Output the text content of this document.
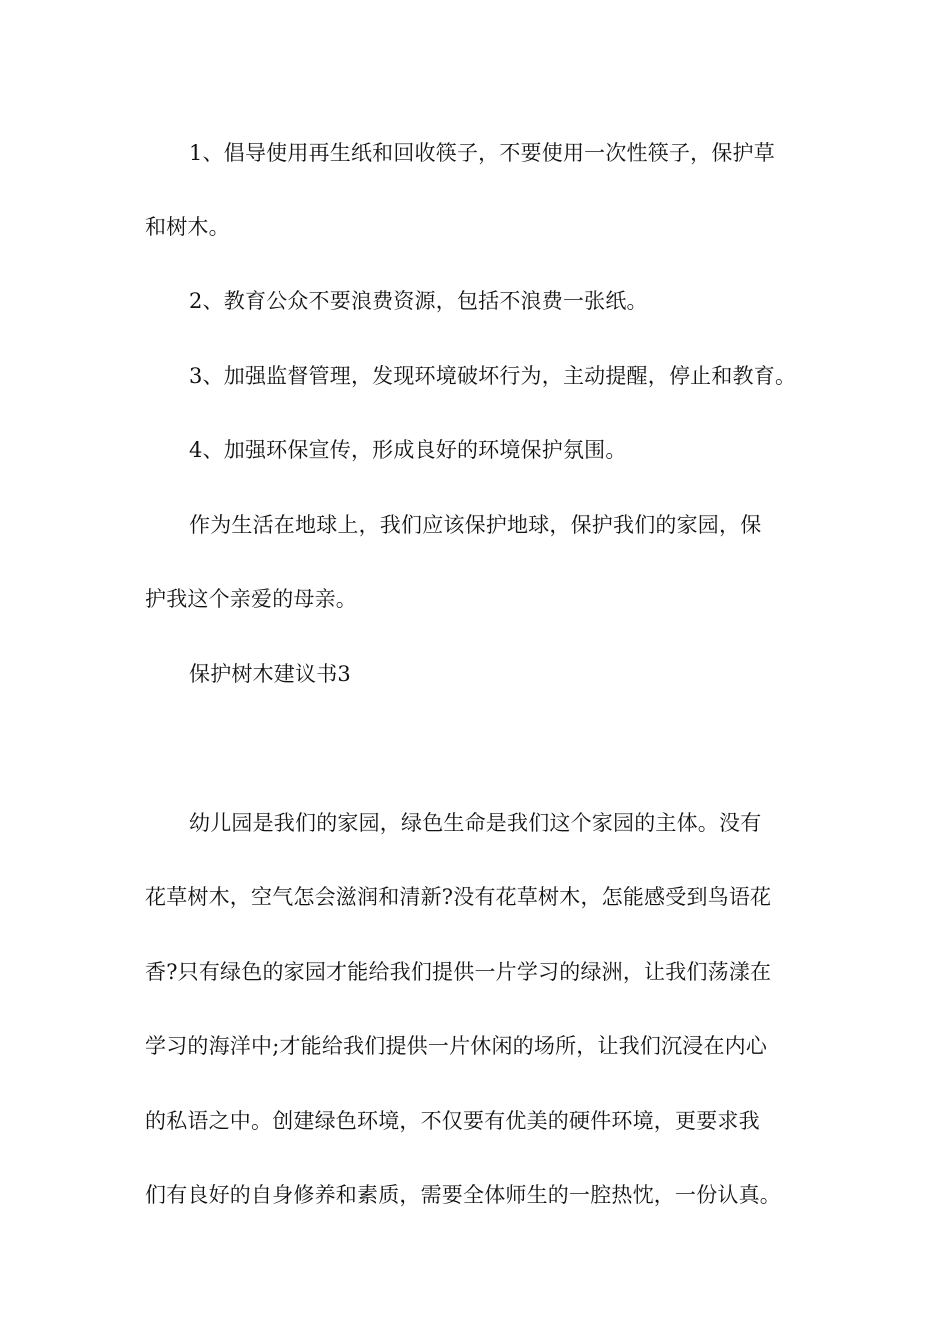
1、倡导使用再生纸和回收筷子，不要使用一次性筷子，保护草
和树木。
2、教育公众不要浪费资源，包括不浪费一张纸。
3、加强监督管理，发现环境破坏行为，主动提醒，停止和教育。
4、加强环保宣传，形成良好的环境保护氛围。
作为生活在地球上，我们应该保护地球，保护我们的家园，保
护我这个亲爱的母亲。
保护树木建议书3
幼儿园是我们的家园，绿色生命是我们这个家园的主体。没有
花草树木，空气怎会滋润和清新?没有花草树木，怎能感受到鸟语花
香?只有绿色的家园才能给我们提供一片学习的绿洲，让我们荡漾在
学习的海洋中;才能给我们提供一片休闲的场所，让我们沉浸在内心
的私语之中。创建绿色环境，不仅要有优美的硬件环境，更要求我
们有良好的自身修养和素质，需要全体师生的一腔热忱，一份认真。
